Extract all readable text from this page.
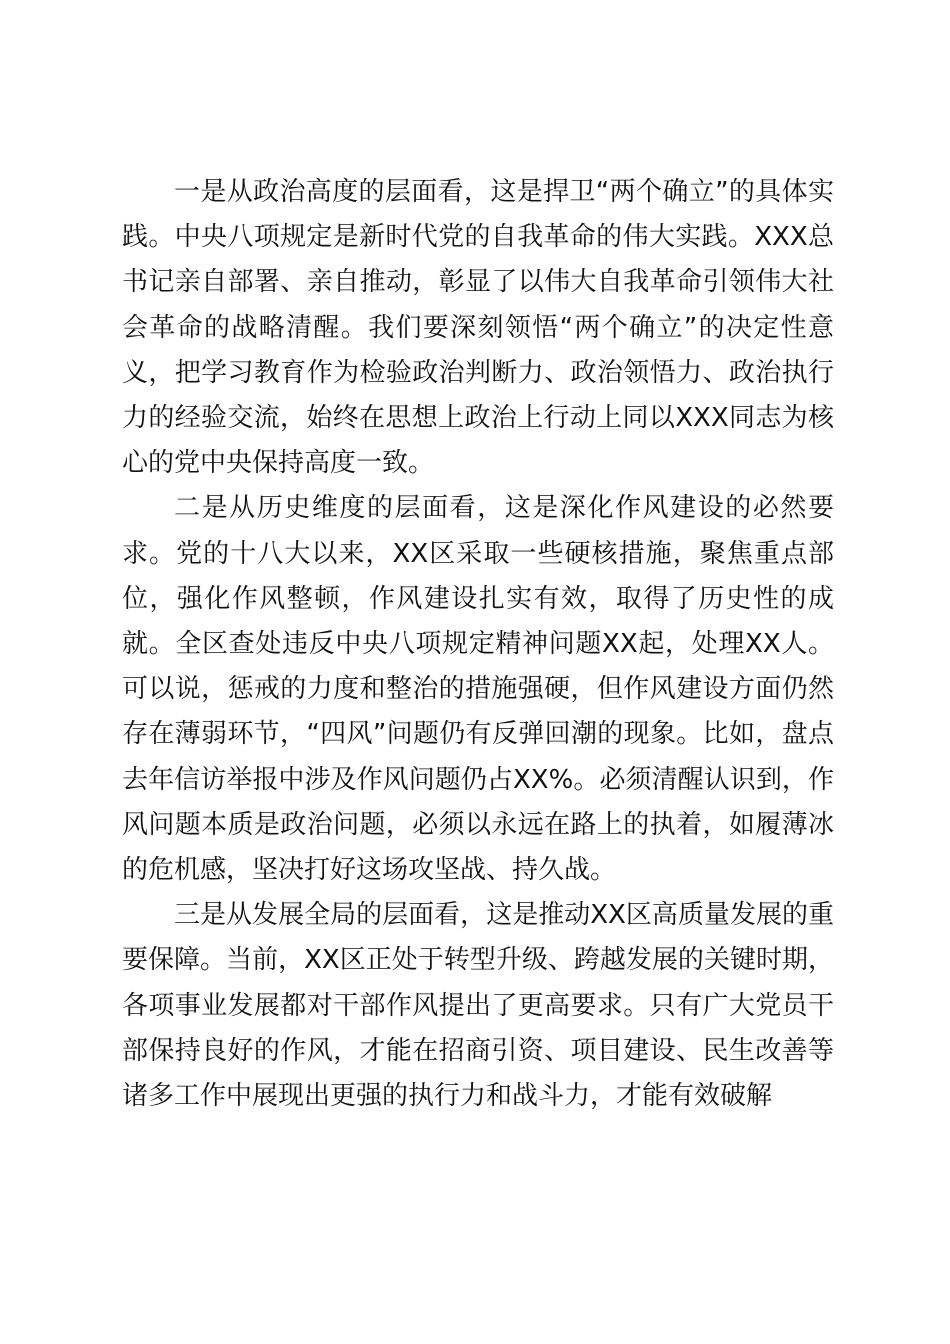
一是从政治高度的层面看，这是捍卫“两个确立”的具体实践。中央八项规定是新时代党的自我革命的伟大实践。XXX总书记亲自部署、亲自推动，彰显了以伟大自我革命引领伟大社会革命的战略清醒。我们要深刻领悟“两个确立”的决定性意义，把学习教育作为检验政治判断力、政治领悟力、政治执行力的经验交流，始终在思想上政治上行动上同以XXX同志为核心的党中央保持高度一致。

二是从历史维度的层面看，这是深化作风建设的必然要求。党的十八大以来，XX区采取一些硬核措施，聚焦重点部位，强化作风整顿，作风建设扎实有效，取得了历史性的成就。全区查处违反中央八项规定精神问题XX起，处理XX人。可以说，惩戒的力度和整治的措施强硬，但作风建设方面仍然存在薄弱环节，“四风”问题仍有反弹回潮的现象。比如，盘点去年信访举报中涉及作风问题仍占XX%。必须清醒认识到，作风问题本质是政治问题，必须以永远在路上的执着，如履薄冰的危机感，坚决打好这场攻坚战、持久战。

三是从发展全局的层面看，这是推动XX区高质量发展的重要保障。当前，XX区正处于转型升级、跨越发展的关键时期，各项事业发展都对干部作风提出了更高要求。只有广大党员干部保持良好的作风，才能在招商引资、项目建设、民生改善等诸多工作中展现出更强的执行力和战斗力，才能有效破解
